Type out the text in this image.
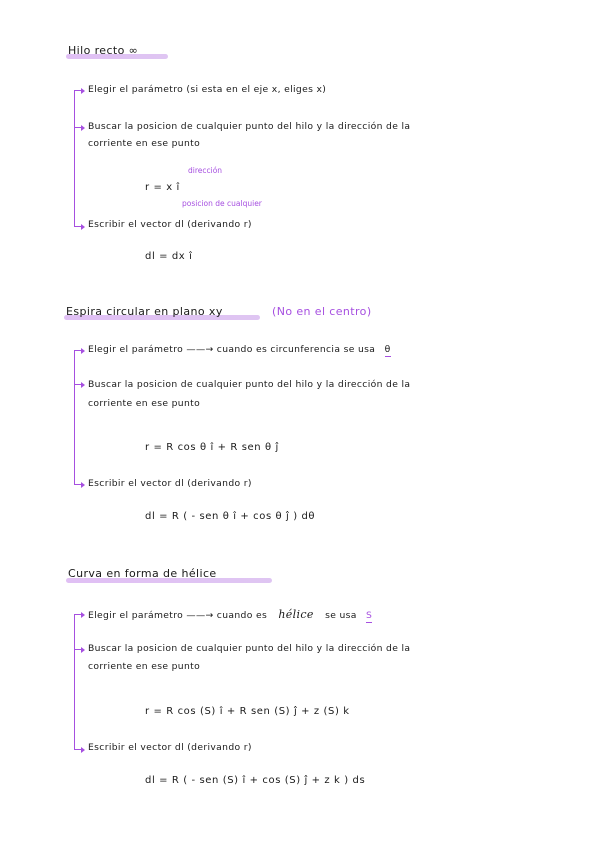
Hilo recto ∞
Elegir el parámetro (si esta en el eje x, eliges x)
Buscar la posicion de cualquier punto del hilo y la dirección de la
corriente en ese punto
dirección
r = x î
posicion de cualquier
Escribir el vector dl (derivando r)
dl = dx î
Espira circular en plano xy	(No en el centro)
Elegir el parámetro ——→ cuando es circunferencia se usa θ
Buscar la posicion de cualquier punto del hilo y la dirección de la
corriente en ese punto
r = R cos θ î + R sen θ ĵ
Escribir el vector dl (derivando r)
dl = R ( - sen θ î + cos θ ĵ ) dθ
Curva en forma de hélice
Elegir el parámetro ——→ cuando es hélice se usa S
Buscar la posicion de cualquier punto del hilo y la dirección de la
corriente en ese punto
r = R cos (S) î + R sen (S) ĵ + z (S) k
Escribir el vector dl (derivando r)
dl = R ( - sen (S) î + cos (S) ĵ + z k ) ds
